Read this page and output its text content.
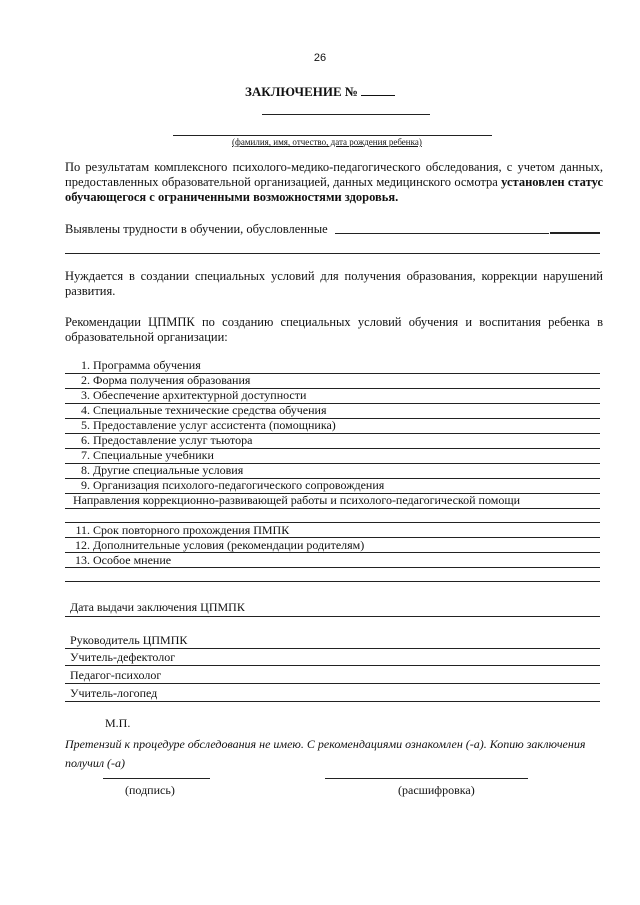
26
ЗАКЛЮЧЕНИЕ №
(фамилия, имя, отчество, дата рождения ребенка)
По результатам комплексного психолого-медико-педагогического обследования, с учетом данных, предоставленных образовательной организацией, данных медицинского осмотра установлен статус обучающегося с ограниченными возможностями здоровья.
Выявлены трудности в обучении, обусловленные
Нуждается в создании специальных условий для получения образования, коррекции нарушений развития.
Рекомендации ЦПМПК по созданию специальных условий обучения и воспитания ребенка в образовательной организации:
1. Программа обучения
2. Форма получения образования
3. Обеспечение архитектурной доступности
4. Специальные технические средства обучения
5. Предоставление услуг ассистента (помощника)
6. Предоставление услуг тьютора
7. Специальные учебники
8. Другие специальные условия
9. Организация психолого-педагогического сопровождения
Направления коррекционно-развивающей работы и психолого-педагогической помощи
11. Срок повторного прохождения ПМПК
12. Дополнительные условия (рекомендации родителям)
13. Особое мнение
Дата выдачи заключения ЦПМПК
Руководитель ЦПМПК
Учитель-дефектолог
Педагог-психолог
Учитель-логопед
М.П.
Претензий к процедуре обследования не имею. С рекомендациями ознакомлен (-а). Копию заключения получил (-а)
(подпись)	(расшифровка)
